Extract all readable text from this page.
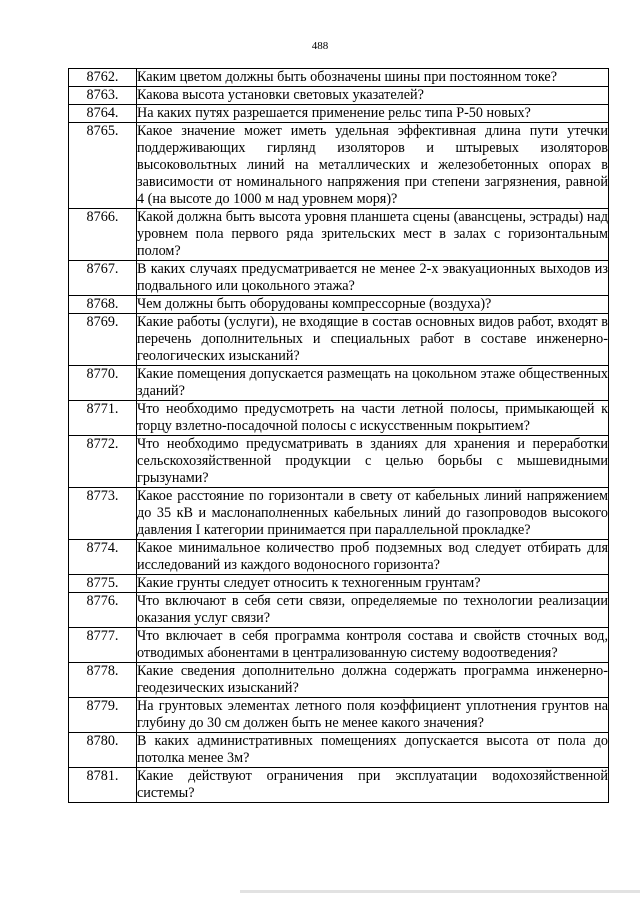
488
8762.	Каким цветом должны быть обозначены шины при постоянном токе?
8763.	Какова высота установки световых указателей?
8764.	На каких путях разрешается применение рельс типа Р-50 новых?
8765.	Какое значение может иметь удельная эффективная длина пути утечки поддерживающих гирлянд изоляторов и штыревых изоляторов высоковольтных линий на металлических и железобетонных опорах в зависимости от номинального напряжения при степени загрязнения, равной 4 (на высоте до 1000 м над уровнем моря)?
8766.	Какой должна быть высота уровня планшета сцены (авансцены, эстрады) над уровнем пола первого ряда зрительских мест в залах с горизонтальным полом?
8767.	В каких случаях предусматривается не менее 2-х эвакуационных выходов из подвального или цокольного этажа?
8768.	Чем должны быть оборудованы компрессорные (воздуха)?
8769.	Какие работы (услуги), не входящие в состав основных видов работ, входят в перечень дополнительных и специальных работ в составе инженерно-геологических изысканий?
8770.	Какие помещения допускается размещать на цокольном этаже общественных зданий?
8771.	Что необходимо предусмотреть на части летной полосы, примыкающей к торцу взлетно-посадочной полосы с искусственным покрытием?
8772.	Что необходимо предусматривать в зданиях для хранения и переработки сельскохозяйственной продукции с целью борьбы с мышевидными грызунами?
8773.	Какое расстояние по горизонтали в свету от кабельных линий напряжением до 35 кВ и маслонаполненных кабельных линий до газопроводов высокого давления I категории принимается при параллельной прокладке?
8774.	Какое минимальное количество проб подземных вод следует отбирать для исследований из каждого водоносного горизонта?
8775.	Какие грунты следует относить к техногенным грунтам?
8776.	Что включают в себя сети связи, определяемые по технологии реализации оказания услуг связи?
8777.	Что включает в себя программа контроля состава и свойств сточных вод, отводимых абонентами в централизованную систему водоотведения?
8778.	Какие сведения дополнительно должна содержать программа инженерно-геодезических изысканий?
8779.	На грунтовых элементах летного поля коэффициент уплотнения грунтов на глубину до 30 см должен быть не менее какого значения?
8780.	В каких административных помещениях допускается высота от пола до потолка менее 3м?
8781.	Какие действуют ограничения при эксплуатации водохозяйственной системы?
